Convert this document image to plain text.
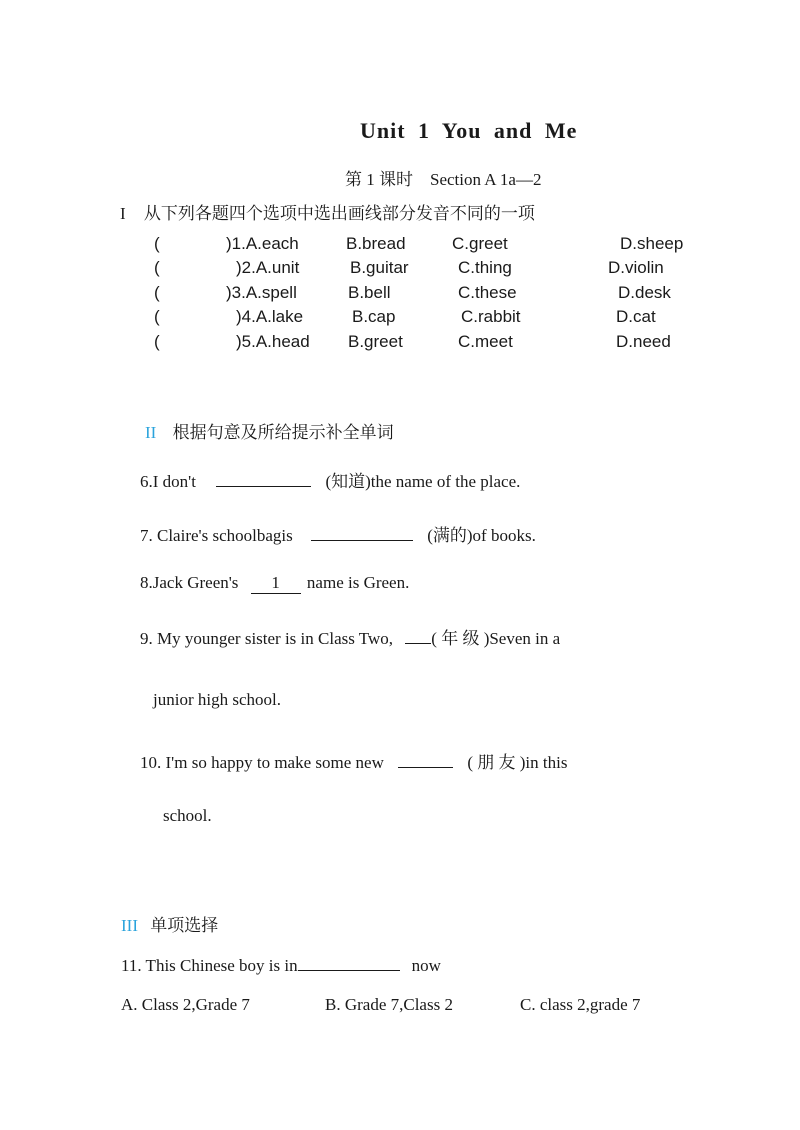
Unit 1 You and Me
第 1 课时　Section A 1a—2
I 从下列各题四个选项中选出画线部分发音不同的一项
(	)1.A.each	B.bread	C.greet	D.sheep
(	)2.A.unit	B.guitar	C.thing	D.violin
(	)3.A.spell	B.bell	C.these	D.desk
(	)4.A.lake	B.cap	C.rabbit	D.cat
(	)5.A.head B.greet	C.meet	D.need
II 根据句意及所给提示补全单词
6.I don't	(知道)the name of the place.
7. Claire's schoolbagis	(满的)of books.
8.Jack Green's 1 name is Green.
9. My younger sister is in Class Two, ( 年 级 )Seven in a
junior high school.
10. I'm so happy to make some new	( 朋 友 )in this
school.
III 单项选择
11. This Chinese boy is in	now
A. Class 2,Grade 7	B. Grade 7,Class 2	C. class 2,grade 7
